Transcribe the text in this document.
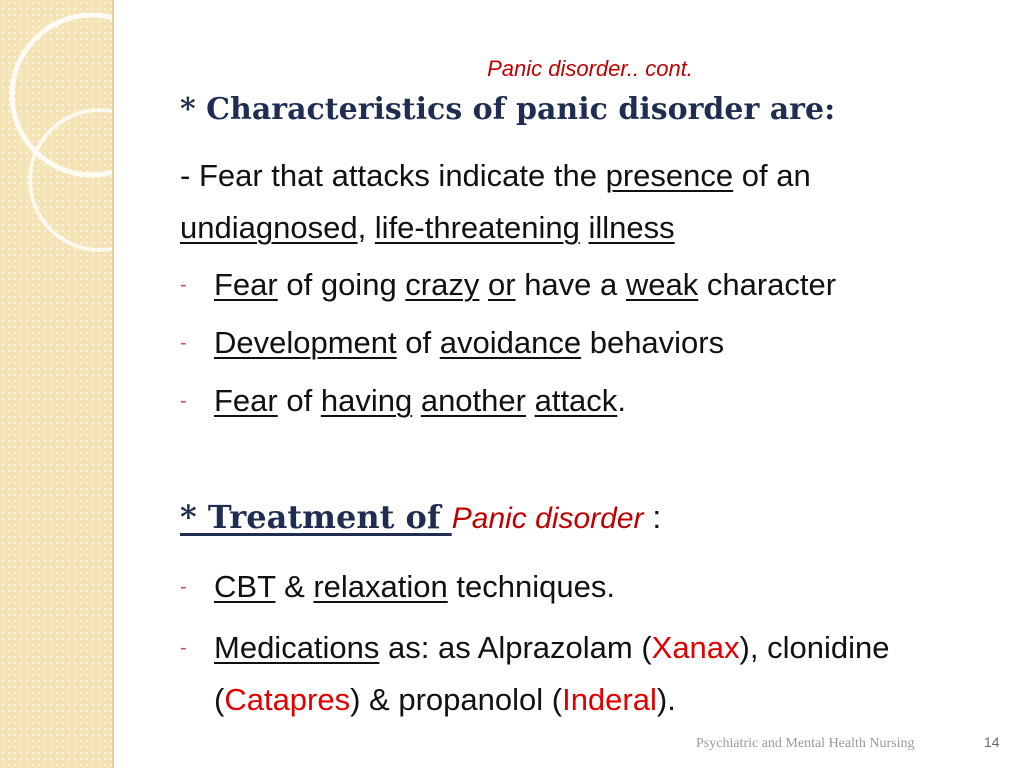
Panic disorder.. cont.
* Characteristics of panic disorder are:
- Fear that attacks indicate the presence of an undiagnosed, life-threatening illness
- Fear of going crazy or have a weak character
- Development of avoidance behaviors
- Fear of having another attack.
* Treatment of Panic disorder :
- CBT & relaxation techniques.
- Medications as: as Alprazolam (Xanax), clonidine (Catapres) & propanolol (Inderal).
Psychiatric and Mental Health Nursing	14
